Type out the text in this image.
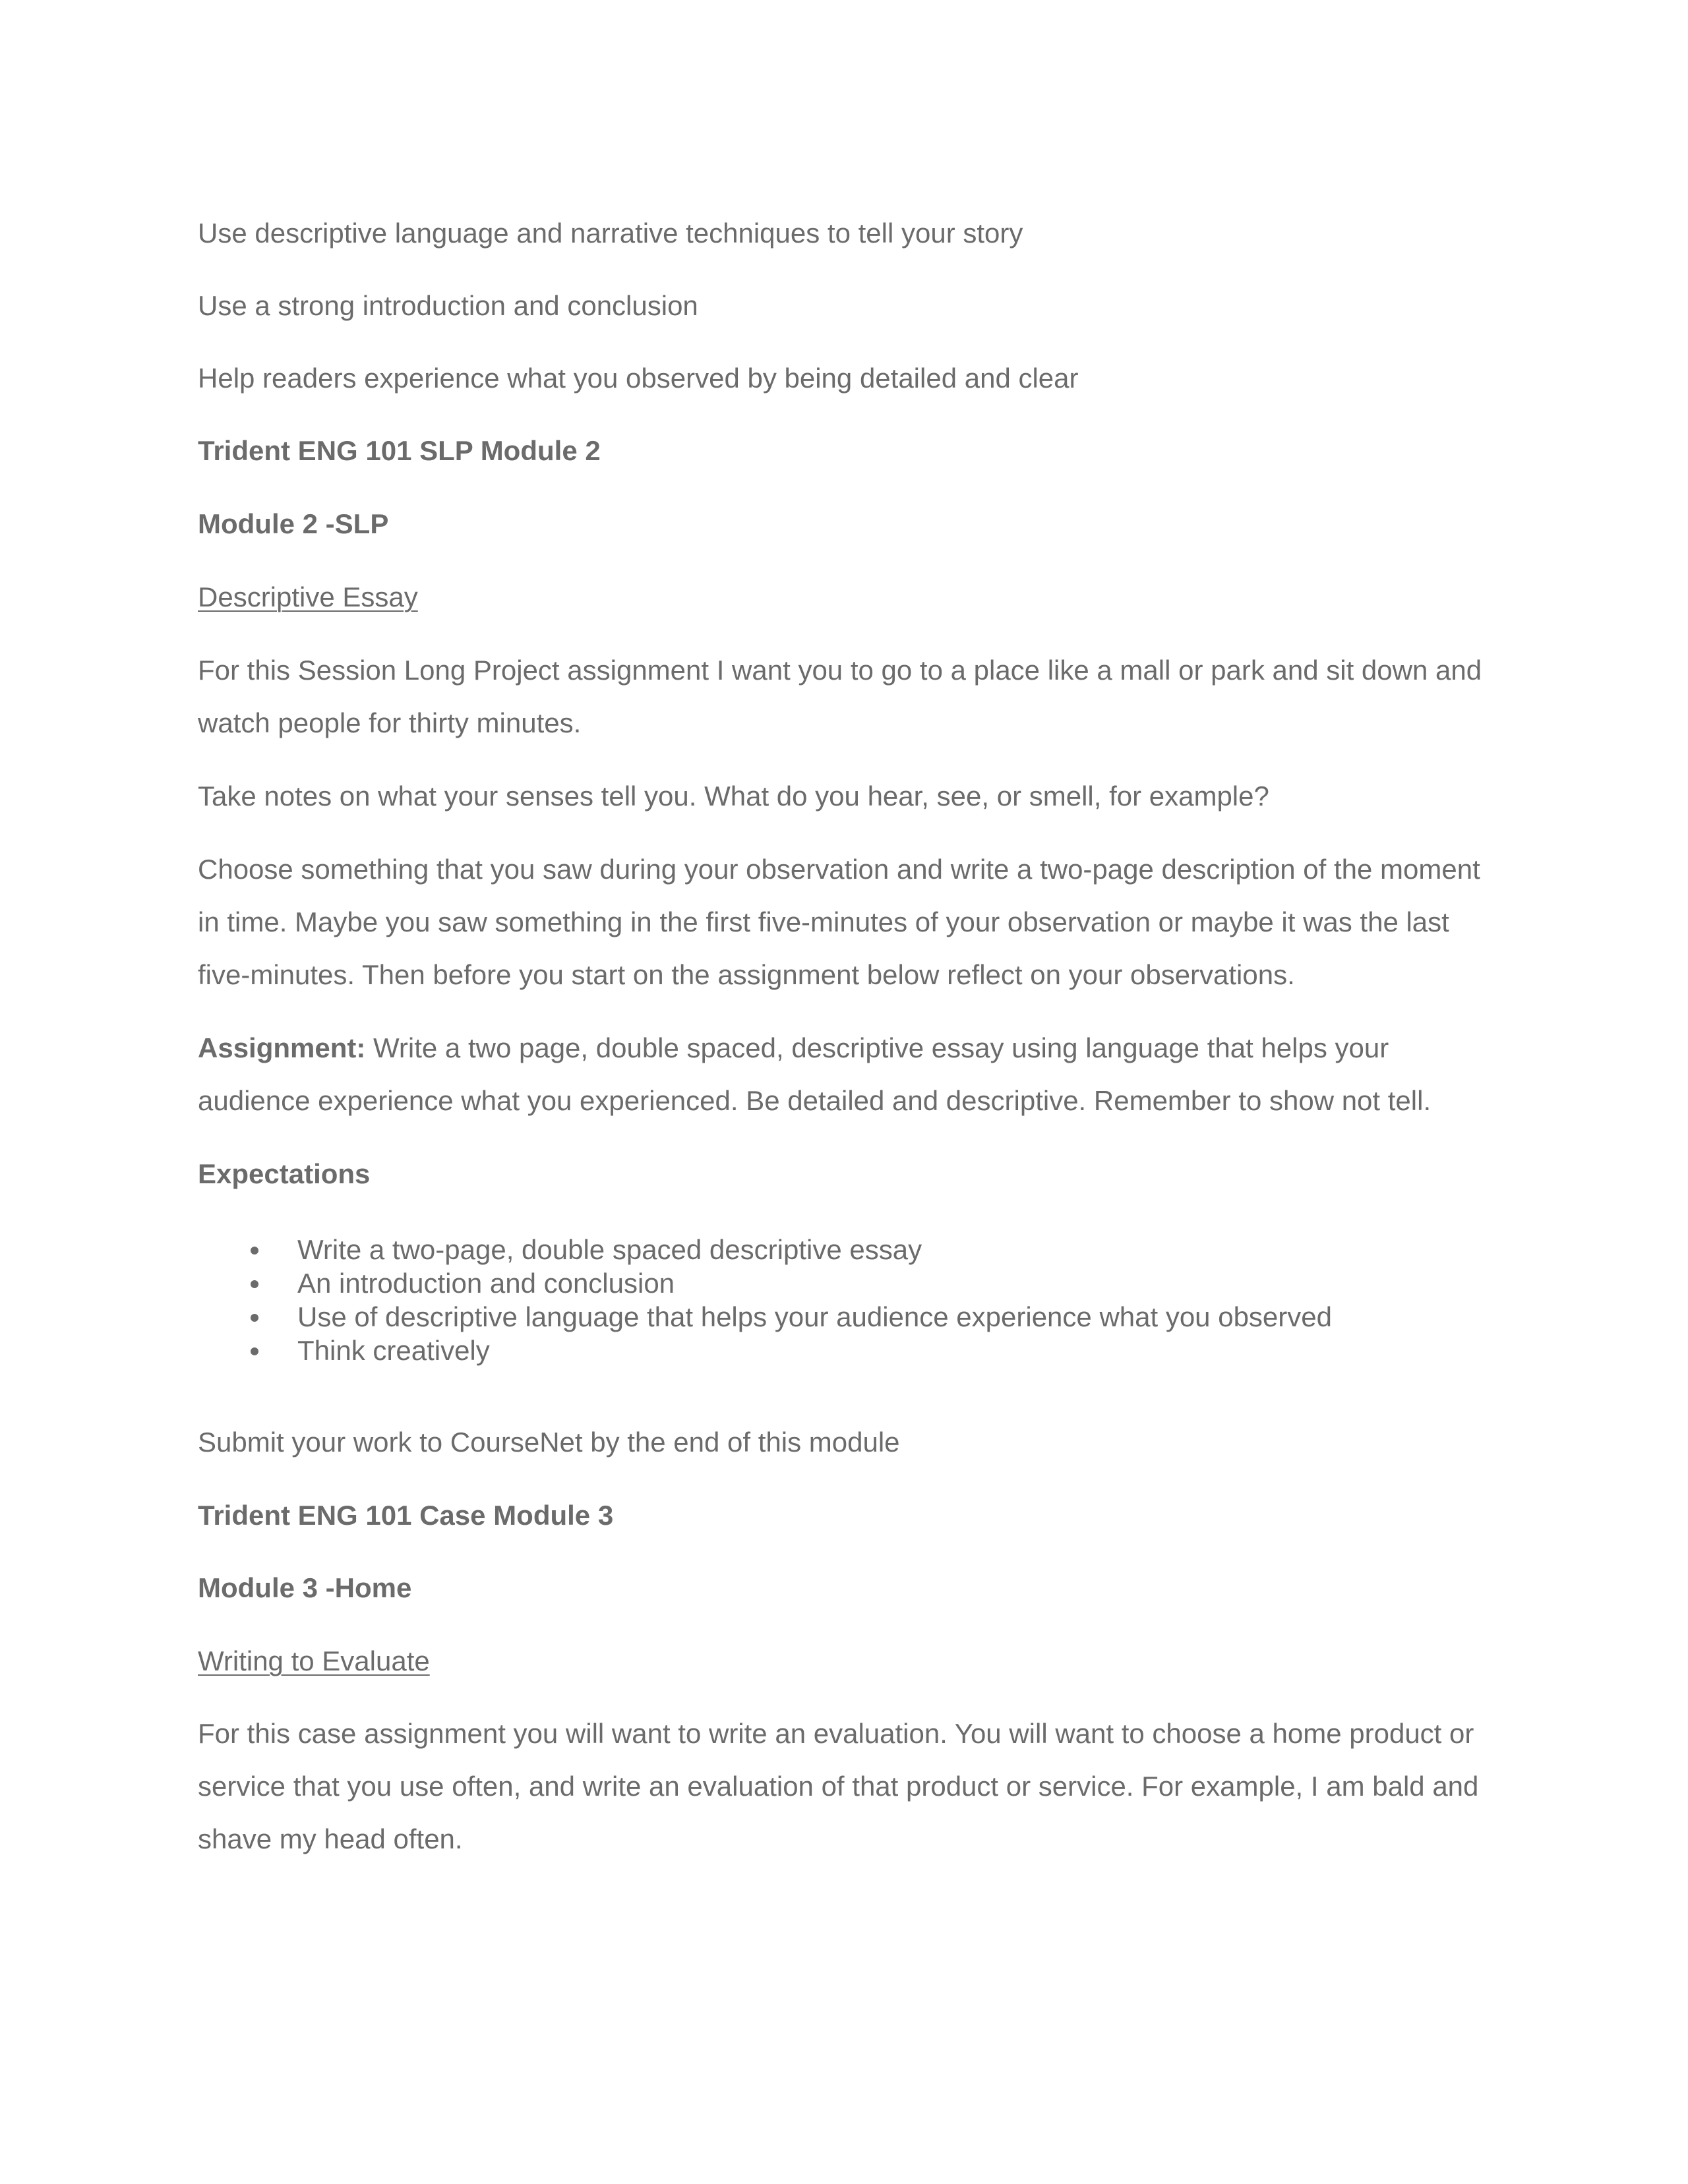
Use descriptive language and narrative techniques to tell your story

Use a strong introduction and conclusion

Help readers experience what you observed by being detailed and clear

Trident ENG 101 SLP Module 2

Module 2 -SLP

Descriptive Essay

For this Session Long Project assignment I want you to go to a place like a mall or park and sit down and watch people for thirty minutes.

Take notes on what your senses tell you. What do you hear, see, or smell, for example?

Choose something that you saw during your observation and write a two-page description of the moment in time. Maybe you saw something in the first five-minutes of your observation or maybe it was the last five-minutes. Then before you start on the assignment below reflect on your observations.

Assignment: Write a two page, double spaced, descriptive essay using language that helps your audience experience what you experienced. Be detailed and descriptive. Remember to show not tell.

Expectations

Write a two-page, double spaced descriptive essay
An introduction and conclusion
Use of descriptive language that helps your audience experience what you observed
Think creatively

Submit your work to CourseNet by the end of this module

Trident ENG 101 Case Module 3

Module 3 -Home

Writing to Evaluate

For this case assignment you will want to write an evaluation. You will want to choose a home product or service that you use often, and write an evaluation of that product or service. For example, I am bald and shave my head often.
